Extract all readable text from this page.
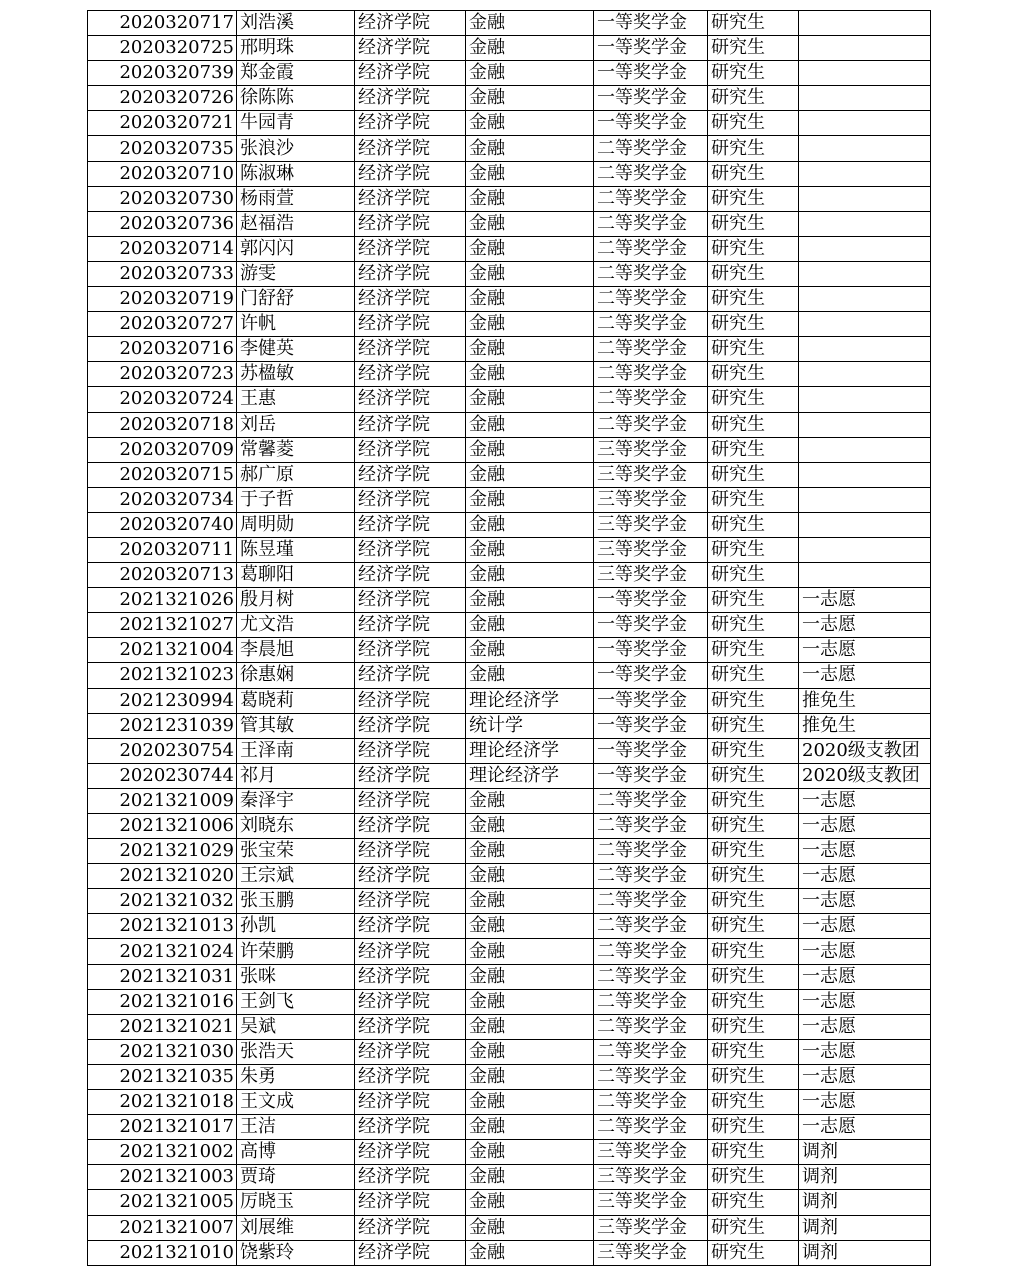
2020320717	刘浩溪	经济学院	金融	一等奖学金	研究生	
2020320725	邢明珠	经济学院	金融	一等奖学金	研究生	
2020320739	郑金霞	经济学院	金融	一等奖学金	研究生	
2020320726	徐陈陈	经济学院	金融	一等奖学金	研究生	
2020320721	牛园青	经济学院	金融	一等奖学金	研究生	
2020320735	张浪沙	经济学院	金融	二等奖学金	研究生	
2020320710	陈淑琳	经济学院	金融	二等奖学金	研究生	
2020320730	杨雨萱	经济学院	金融	二等奖学金	研究生	
2020320736	赵福浩	经济学院	金融	二等奖学金	研究生	
2020320714	郭闪闪	经济学院	金融	二等奖学金	研究生	
2020320733	游雯	经济学院	金融	二等奖学金	研究生	
2020320719	门舒舒	经济学院	金融	二等奖学金	研究生	
2020320727	许帆	经济学院	金融	二等奖学金	研究生	
2020320716	李健英	经济学院	金融	二等奖学金	研究生	
2020320723	苏楹敏	经济学院	金融	二等奖学金	研究生	
2020320724	王惠	经济学院	金融	二等奖学金	研究生	
2020320718	刘岳	经济学院	金融	二等奖学金	研究生	
2020320709	常馨菱	经济学院	金融	三等奖学金	研究生	
2020320715	郝广原	经济学院	金融	三等奖学金	研究生	
2020320734	于子哲	经济学院	金融	三等奖学金	研究生	
2020320740	周明勋	经济学院	金融	三等奖学金	研究生	
2020320711	陈昱瑾	经济学院	金融	三等奖学金	研究生	
2020320713	葛聊阳	经济学院	金融	三等奖学金	研究生	
2021321026	殷月树	经济学院	金融	一等奖学金	研究生	一志愿
2021321027	尤文浩	经济学院	金融	一等奖学金	研究生	一志愿
2021321004	李晨旭	经济学院	金融	一等奖学金	研究生	一志愿
2021321023	徐惠娴	经济学院	金融	一等奖学金	研究生	一志愿
2021230994	葛晓莉	经济学院	理论经济学	一等奖学金	研究生	推免生
2021231039	管其敏	经济学院	统计学	一等奖学金	研究生	推免生
2020230754	王泽南	经济学院	理论经济学	一等奖学金	研究生	2020级支教团
2020230744	祁月	经济学院	理论经济学	一等奖学金	研究生	2020级支教团
2021321009	秦泽宇	经济学院	金融	二等奖学金	研究生	一志愿
2021321006	刘晓东	经济学院	金融	二等奖学金	研究生	一志愿
2021321029	张宝荣	经济学院	金融	二等奖学金	研究生	一志愿
2021321020	王宗斌	经济学院	金融	二等奖学金	研究生	一志愿
2021321032	张玉鹏	经济学院	金融	二等奖学金	研究生	一志愿
2021321013	孙凯	经济学院	金融	二等奖学金	研究生	一志愿
2021321024	许荣鹏	经济学院	金融	二等奖学金	研究生	一志愿
2021321031	张咪	经济学院	金融	二等奖学金	研究生	一志愿
2021321016	王剑飞	经济学院	金融	二等奖学金	研究生	一志愿
2021321021	吴斌	经济学院	金融	二等奖学金	研究生	一志愿
2021321030	张浩天	经济学院	金融	二等奖学金	研究生	一志愿
2021321035	朱勇	经济学院	金融	二等奖学金	研究生	一志愿
2021321018	王文成	经济学院	金融	二等奖学金	研究生	一志愿
2021321017	王洁	经济学院	金融	二等奖学金	研究生	一志愿
2021321002	高博	经济学院	金融	三等奖学金	研究生	调剂
2021321003	贾琦	经济学院	金融	三等奖学金	研究生	调剂
2021321005	厉晓玉	经济学院	金融	三等奖学金	研究生	调剂
2021321007	刘展维	经济学院	金融	三等奖学金	研究生	调剂
2021321010	饶紫玲	经济学院	金融	三等奖学金	研究生	调剂
